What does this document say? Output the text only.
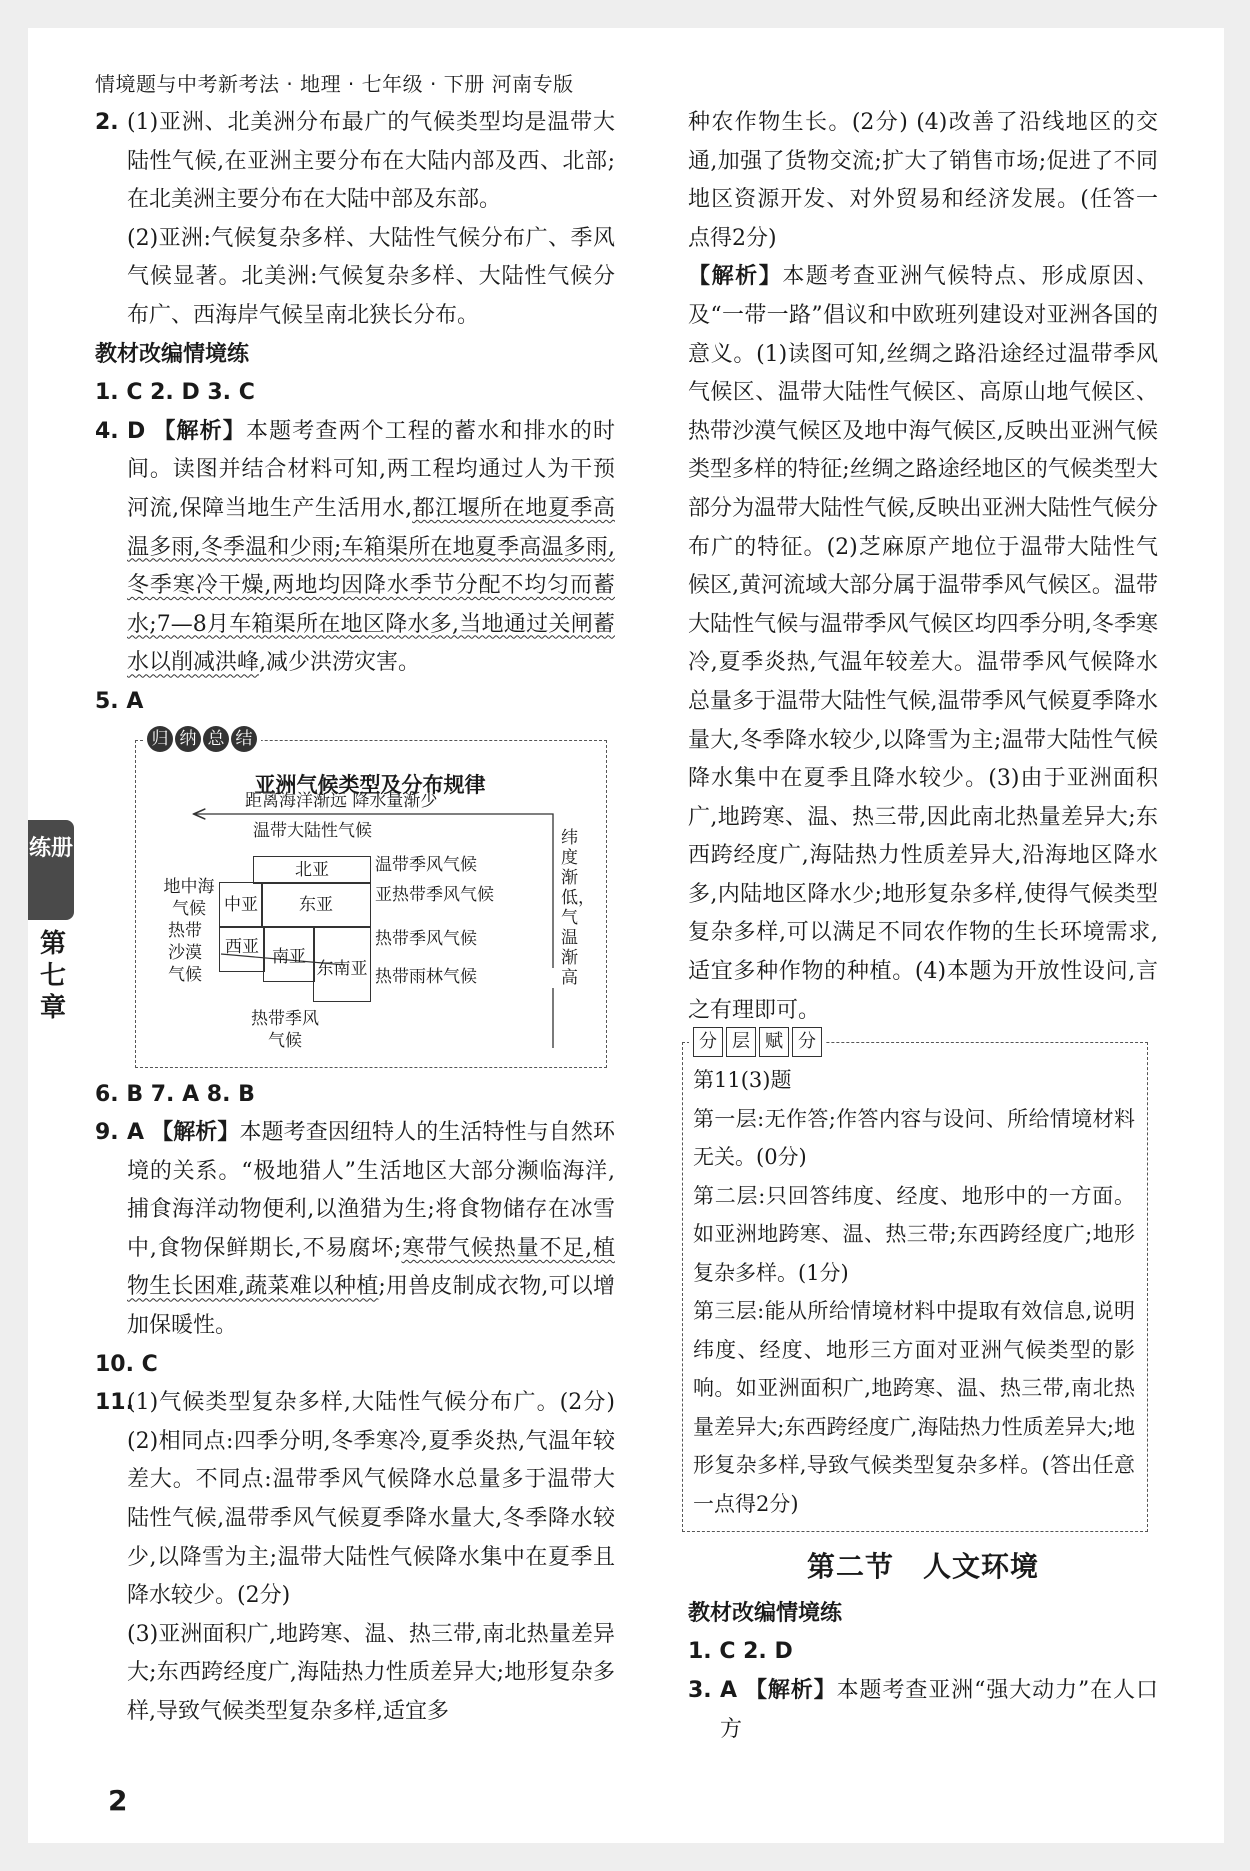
情境题与中考新考法 · 地理 · 七年级 · 下册 河南专版
练册
第七章

2. (1)亚洲、北美洲分布最广的气候类型均是温带大陆性气候,在亚洲主要分布在大陆内部及西、北部;在北美洲主要分布在大陆中部及东部。

(2)亚洲:气候复杂多样、大陆性气候分布广、季风气候显著。北美洲:气候复杂多样、大陆性气候分布广、西海岸气候呈南北狭长分布。

教材改编情境练

1. C 2. D 3. C

4. D 【解析】本题考查两个工程的蓄水和排水的时间。读图并结合材料可知,两工程均通过人为干预河流,保障当地生产生活用水,都江堰所在地夏季高温多雨,冬季温和少雨;车箱渠所在地夏季高温多雨,冬季寒冷干燥,两地均因降水季节分配不均匀而蓄水;7—8月车箱渠所在地区降水多,当地通过关闸蓄水以削减洪峰,减少洪涝灾害。

5. A

归 纳 总 结
亚洲气候类型及分布规律
距离海洋渐远 降水量渐少
温带大陆性气候
地中海气候
热带沙漠气候
热带季风气候
北亚
中亚	东亚
西亚 南亚
东南亚
温带季风气候
亚热带季风气候
热带季风气候
热带雨林气候
纬度渐低，气温渐高

6. B 7. A 8. B

9. A 【解析】本题考查因纽特人的生活特性与自然环境的关系。“极地猎人”生活地区大部分濒临海洋,捕食海洋动物便利,以渔猎为生;将食物储存在冰雪中,食物保鲜期长,不易腐坏;寒带气候热量不足,植物生长困难,蔬菜难以种植;用兽皮制成衣物,可以增加保暖性。

10. C

11.(1)气候类型复杂多样,大陆性气候分布广。(2分) (2)相同点:四季分明,冬季寒冷,夏季炎热,气温年较差大。不同点:温带季风气候降水总量多于温带大陆性气候,温带季风气候夏季降水量大,冬季降水较少,以降雪为主;温带大陆性气候降水集中在夏季且降水较少。(2分)

(3)亚洲面积广,地跨寒、温、热三带,南北热量差异大;东西跨经度广,海陆热力性质差异大;地形复杂多样,导致气候类型复杂多样,适宜多

种农作物生长。(2分) (4)改善了沿线地区的交通,加强了货物交流;扩大了销售市场;促进了不同地区资源开发、对外贸易和经济发展。(任答一点得2分)

【解析】本题考查亚洲气候特点、形成原因、及“一带一路”倡议和中欧班列建设对亚洲各国的意义。(1)读图可知,丝绸之路沿途经过温带季风气候区、温带大陆性气候区、高原山地气候区、热带沙漠气候区及地中海气候区,反映出亚洲气候类型多样的特征;丝绸之路途经地区的气候类型大部分为温带大陆性气候,反映出亚洲大陆性气候分布广的特征。(2)芝麻原产地位于温带大陆性气候区,黄河流域大部分属于温带季风气候区。温带大陆性气候与温带季风气候区均四季分明,冬季寒冷,夏季炎热,气温年较差大。温带季风气候降水总量多于温带大陆性气候,温带季风气候夏季降水量大,冬季降水较少,以降雪为主;温带大陆性气候降水集中在夏季且降水较少。(3)由于亚洲面积广,地跨寒、温、热三带,因此南北热量差异大;东西跨经度广,海陆热力性质差异大,沿海地区降水多,内陆地区降水少;地形复杂多样,使得气候类型复杂多样,可以满足不同农作物的生长环境需求,适宜多种作物的种植。(4)本题为开放性设问,言之有理即可。

分 层 赋 分

第11(3)题

第一层:无作答;作答内容与设问、所给情境材料无关。(0分)

第二层:只回答纬度、经度、地形中的一方面。如亚洲地跨寒、温、热三带;东西跨经度广;地形复杂多样。(1分)

第三层:能从所给情境材料中提取有效信息,说明纬度、经度、地形三方面对亚洲气候类型的影响。如亚洲面积广,地跨寒、温、热三带,南北热量差异大;东西跨经度广,海陆热力性质差异大;地形复杂多样,导致气候类型复杂多样。(答出任意一点得2分)

第二节　人文环境

教材改编情境练

1. C 2. D

3. A 【解析】本题考查亚洲“强大动力”在人口方

2
